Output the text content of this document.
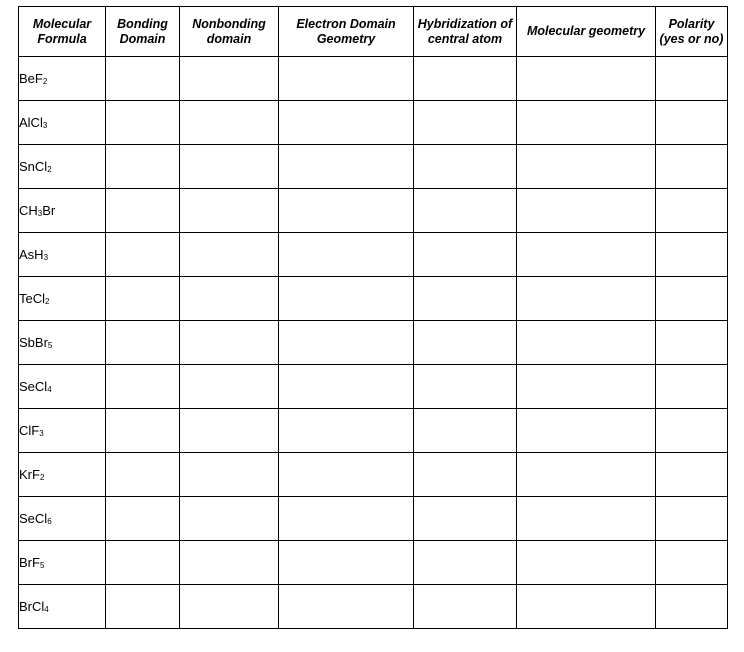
Molecular Formula	Bonding Domain	Nonbonding domain	Electron Domain Geometry	Hybridization of central atom	Molecular geometry	Polarity (yes or no)
BeF$_2$						
AlCl$_3$						
SnCl$_2$						
$CH_3Br$						
AsH$_3$						
TeCl$_2$						
SbBr$_5$						
SeCl$_4$						
ClF$_3$						
KrF$_2$						
SeCl$_6$						
BrF$_5$						
BrCl$_4$						
